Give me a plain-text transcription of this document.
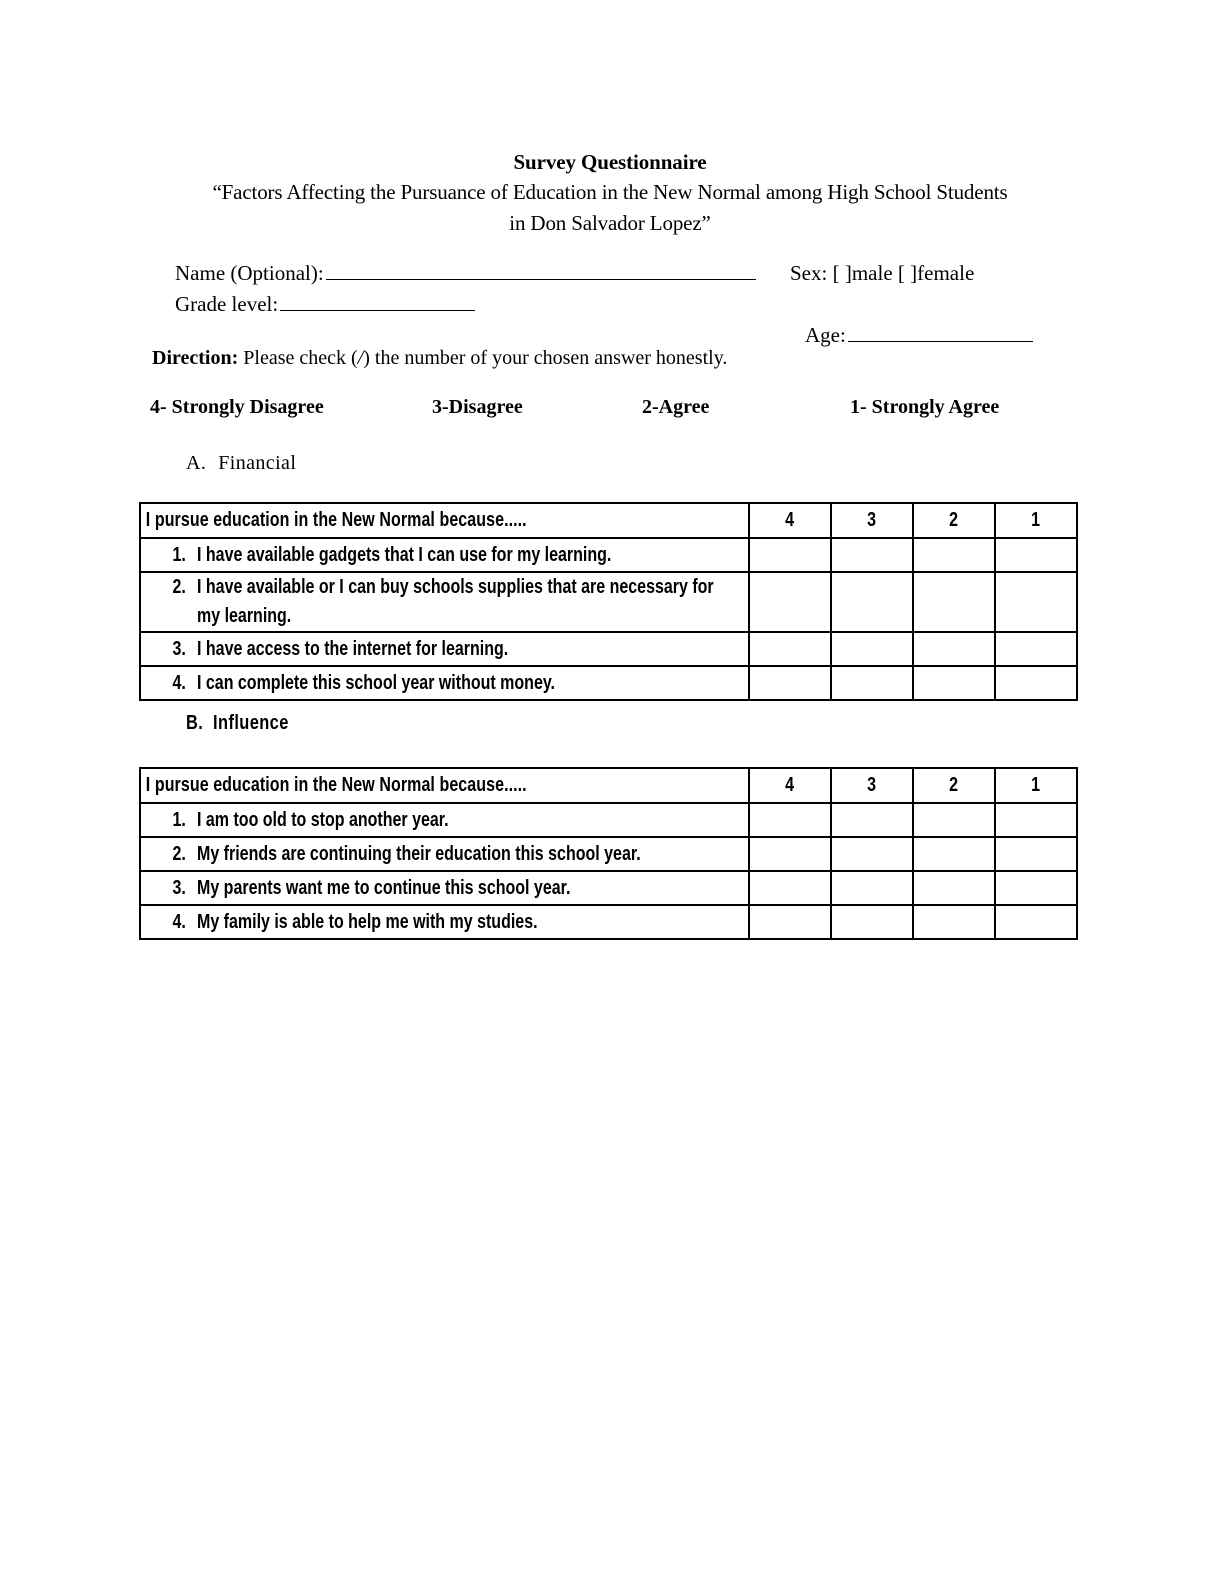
Survey Questionnaire
“Factors Affecting the Pursuance of Education in the New Normal among High School Students
in Don Salvador Lopez”
Name (Optional):	Sex: [ ]male [ ]female
Grade level:
Age:
Direction: Please check (/) the number of your chosen answer honestly.
4- Strongly Disagree	3-Disagree	2-Agree	1- Strongly Agree
A. Financial
I pursue education in the New Normal because.....	4	3	2	1

1. I have available gadgets that I can use for my learning.				

2. I have available or I can buy schools supplies that are necessary for my learning.				

3. I have access to the internet for learning.				

4. I can complete this school year without money.				

B. Influence
I pursue education in the New Normal because.....	4	3	2	1

1. I am too old to stop another year.				

2. My friends are continuing their education this school year.				

3. My parents want me to continue this school year.				

4. My family is able to help me with my studies.				
